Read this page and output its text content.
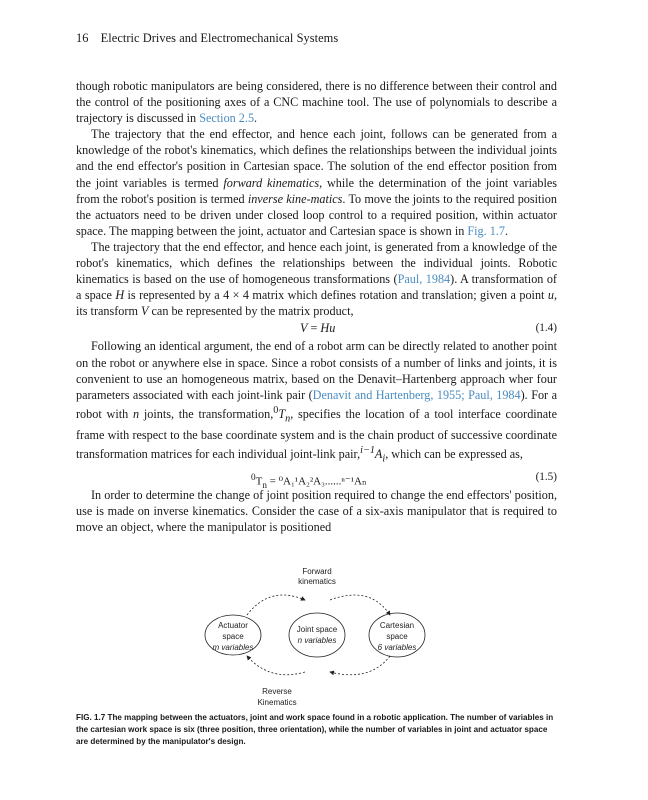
16 Electric Drives and Electromechanical Systems

though robotic manipulators are being considered, there is no difference between their control and the control of the positioning axes of a CNC machine tool. The use of polynomials to describe a trajectory is discussed in Section 2.5.

The trajectory that the end effector, and hence each joint, follows can be generated from a knowledge of the robot's kinematics, which defines the relationships between the individual joints and the end effector's position in Cartesian space. The solution of the end effector position from the joint variables is termed forward kinematics, while the determination of the joint variables from the robot's position is termed inverse kine-matics. To move the joints to the required position the actuators need to be driven under closed loop control to a required position, within actuator space. The mapping between the joint, actuator and Cartesian space is shown in Fig. 1.7.

The trajectory that the end effector, and hence each joint, is generated from a knowledge of the robot's kinematics, which defines the relationships between the individual joints. Robotic kinematics is based on the use of homogeneous transformations (Paul, 1984). A transformation of a space H is represented by a 4 × 4 matrix which defines rotation and translation; given a point u, its transform V can be represented by the matrix product,

V = Hu	(1.4)

Following an identical argument, the end of a robot arm can be directly related to another point on the robot or anywhere else in space. Since a robot consists of a number of links and joints, it is convenient to use an homogeneous matrix, based on the Denavit–Hartenberg approach wher four parameters associated with each joint-link pair (Denavit and Hartenberg, 1955; Paul, 1984). For a robot with n joints, the $transformation,^0T_n$, specifies the location of a tool interface coordinate frame with respect to the base coordinate system and is the chain product of successive coordinate transformation matrices for each individual joint-link $pair,^{i-1}A_i$, which can be expressed as,

$^0T_n = ^0A_1^1A_2^2A_3......^{n-1}A_n$	(1.5)

In order to determine the change of joint position required to change the end effectors' position, use is made on inverse kinematics. Consider the case of a six-axis manipulator that is required to move an object, where the manipulator is positioned

Forward
kinematics
Actuator
space
m variables
Joint space
n variables
Cartesian
space
6 variables
Reverse
Kinematics
FIG. 1.7 The mapping between the actuators, joint and work space found in a robotic application. The number of variables in the cartesian work space is six (three position, three orientation), while the number of variables in joint and actuator space are determined by the manipulator's design.
